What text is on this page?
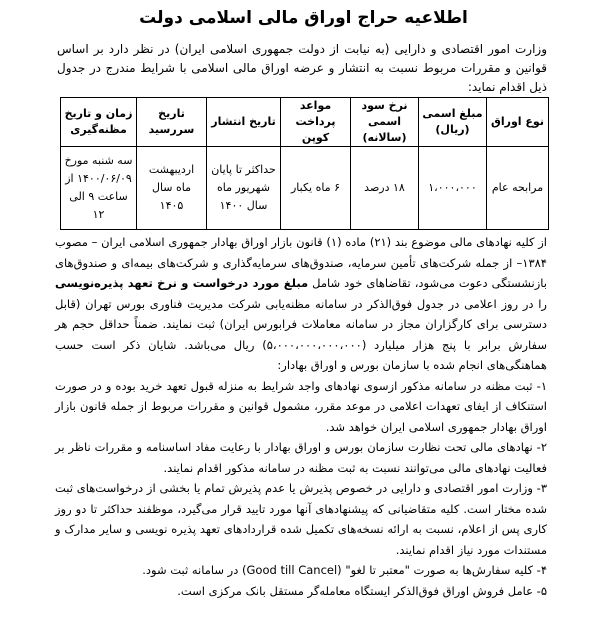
اطلاعیه حراج اوراق مالی اسلامی دولت
وزارت امور اقتصادی و دارایی (به نیابت از دولت جمهوری اسلامی ایران) در نظر دارد بر اساس قوانین و مقررات مربوط نسبت به انتشار و عرضه اوراق مالی اسلامی با شرایط مندرج در جدول ذیل اقدام نماید:
نوع اوراق	مبلغ اسمی (ریال)	نرخ سود اسمی (سالانه)	مواعد پرداخت کوپن	تاریخ انتشار	تاریخ سررسید	زمان و تاریخ مظنه‌گیری
مرابحه عام	۱،۰۰۰،۰۰۰	۱۸ درصد	۶ ماه یکبار	حداکثر تا پایان شهریور ماه سال ۱۴۰۰	اردیبهشت ماه سال ۱۴۰۵	سه شنبه مورخ ۱۴۰۰/۰۶/۰۹ از ساعت ۹ الی ۱۲

از کلیه نهادهای مالی موضوع بند (۲۱) ماده (۱) قانون بازار اوراق بهادار جمهوری اسلامی ایران – مصوب ۱۳۸۴– از جمله شرکت‌های تأمین سرمایه، صندوق‌های سرمایه‌گذاری و شرکت‌های بیمه‌ای و صندوق‌های بازنشستگی دعوت می‌شود، تقاضاهای خود شامل مبلغ مورد درخواست و نرخ تعهد پذیره‌نویسی را در روز اعلامی در جدول فوق‌الذکر در سامانه مظنه‌یابی شرکت مدیریت فناوری بورس تهران (قابل دسترسی برای کارگزاران مجاز در سامانه معاملات فرابورس ایران) ثبت نمایند. ضمناً حداقل حجم هر سفارش برابر با پنج هزار میلیارد (۵،۰۰۰،۰۰۰،۰۰۰،۰۰۰) ریال می‌باشد. شایان ذکر است حسب هماهنگی‌های انجام شده با سازمان بورس و اوراق بهادار:

۱- ثبت مظنه در سامانه مذکور ازسوی نهادهای واجد شرایط به منزله قبول تعهد خرید بوده و در صورت استنکاف از ایفای تعهدات اعلامی در موعد مقرر، مشمول قوانین و مقررات مربوط از جمله قانون بازار اوراق بهادار جمهوری اسلامی ایران خواهد شد.

۲- نهادهای مالی تحت نظارت سازمان بورس و اوراق بهادار با رعایت مفاد اساسنامه و مقررات ناظر بر فعالیت نهادهای مالی می‌توانند نسبت به ثبت مظنه در سامانه مذکور اقدام نمایند.

۳- وزارت امور اقتصادی و دارایی در خصوص پذیرش یا عدم پذیرش تمام یا بخشی از درخواست‌های ثبت شده مختار است. کلیه متقاضیانی که پیشنهادهای آنها مورد تایید قرار می‌گیرد، موظفند حداکثر تا دو روز کاری پس از اعلام، نسبت به ارائه نسخه‌های تکمیل شده قراردادهای تعهد پذیره نویسی و سایر مدارک و مستندات مورد نیاز اقدام نمایند.

۴- کلیه سفارش‌ها به صورت "معتبر تا لغو" (Good till Cancel) در سامانه ثبت شود.

۵- عامل فروش اوراق فوق‌الذکر ایستگاه معامله‌گر مستقل بانک مرکزی است.
